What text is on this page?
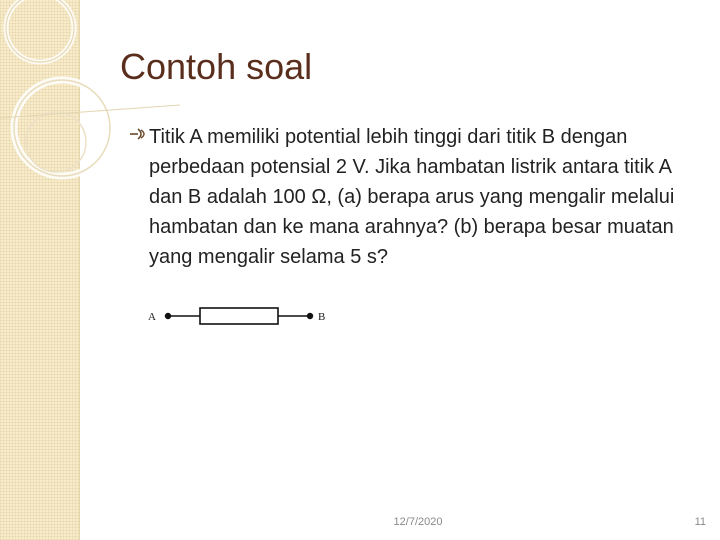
Contoh soal

Titik A memiliki potential lebih tinggi dari titik B dengan perbedaan potensial 2 V. Jika hambatan listrik antara titik A dan B adalah 100 Ω, (a) berapa arus yang mengalir melalui hambatan dan ke mana arahnya? (b) berapa besar muatan yang mengalir selama 5 s?

A	B
12/7/2020	11
